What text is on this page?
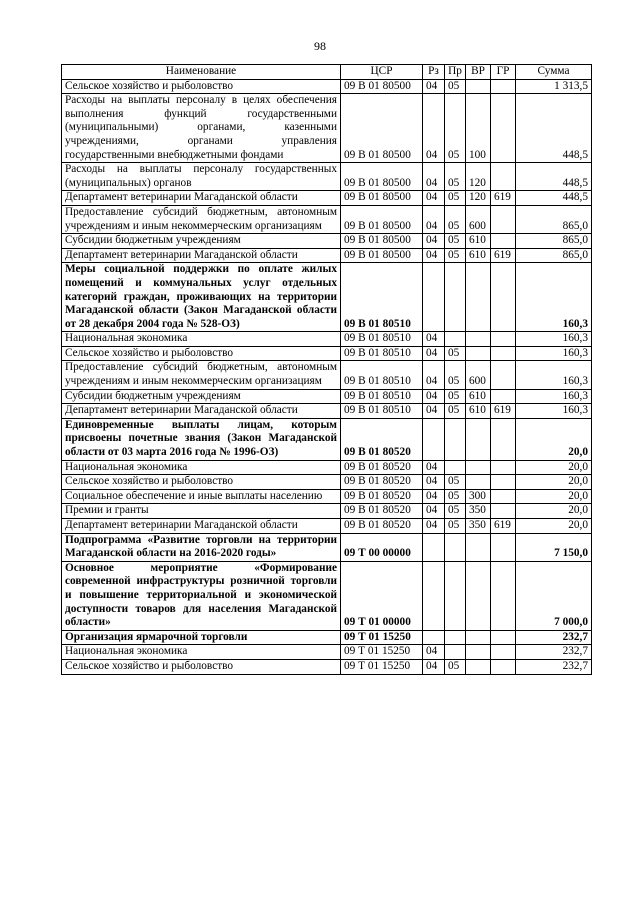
98
Наименование	ЦСР	Рз	Пр	ВР	ГР	Сумма
Сельское хозяйство и рыболовство	09 В 01 80500	04	05			1 313,5
Расходы на выплаты персоналу в целях обеспечения выполнения функций государственными (муниципальными) органами, казенными учреждениями, органами управления государственными внебюджетными фондами	09 В 01 80500	04	05	100		448,5
Расходы на выплаты персоналу государственных (муниципальных) органов	09 В 01 80500	04	05	120		448,5
Департамент ветеринарии Магаданской области	09 В 01 80500	04	05	120	619	448,5
Предоставление субсидий бюджетным, автономным учреждениям и иным некоммерческим организациям	09 В 01 80500	04	05	600		865,0
Субсидии бюджетным учреждениям	09 В 01 80500	04	05	610		865,0
Департамент ветеринарии Магаданской области	09 В 01 80500	04	05	610	619	865,0
Меры социальной поддержки по оплате жилых помещений и коммунальных услуг отдельных категорий граждан, проживающих на территории Магаданской области (Закон Магаданской области от 28 декабря 2004 года № 528-ОЗ)	09 В 01 80510					160,3
Национальная экономика	09 В 01 80510	04				160,3
Сельское хозяйство и рыболовство	09 В 01 80510	04	05			160,3
Предоставление субсидий бюджетным, автономным учреждениям и иным некоммерческим организациям	09 В 01 80510	04	05	600		160,3
Субсидии бюджетным учреждениям	09 В 01 80510	04	05	610		160,3
Департамент ветеринарии Магаданской области	09 В 01 80510	04	05	610	619	160,3
Единовременные выплаты лицам, которым присвоены почетные звания (Закон Магаданской области от 03 марта 2016 года № 1996-ОЗ)	09 В 01 80520					20,0
Национальная экономика	09 В 01 80520	04				20,0
Сельское хозяйство и рыболовство	09 В 01 80520	04	05			20,0
Социальное обеспечение и иные выплаты населению	09 В 01 80520	04	05	300		20,0
Премии и гранты	09 В 01 80520	04	05	350		20,0
Департамент ветеринарии Магаданской области	09 В 01 80520	04	05	350	619	20,0
Подпрограмма «Развитие торговли на территории Магаданской области на 2016-2020 годы»	09 Т 00 00000					7 150,0
Основное мероприятие «Формирование современной инфраструктуры розничной торговли и повышение территориальной и экономической доступности товаров для населения Магаданской области»	09 Т 01 00000					7 000,0
Организация ярмарочной торговли	09 Т 01 15250					232,7
Национальная экономика	09 Т 01 15250	04				232,7
Сельское хозяйство и рыболовство	09 Т 01 15250	04	05			232,7
